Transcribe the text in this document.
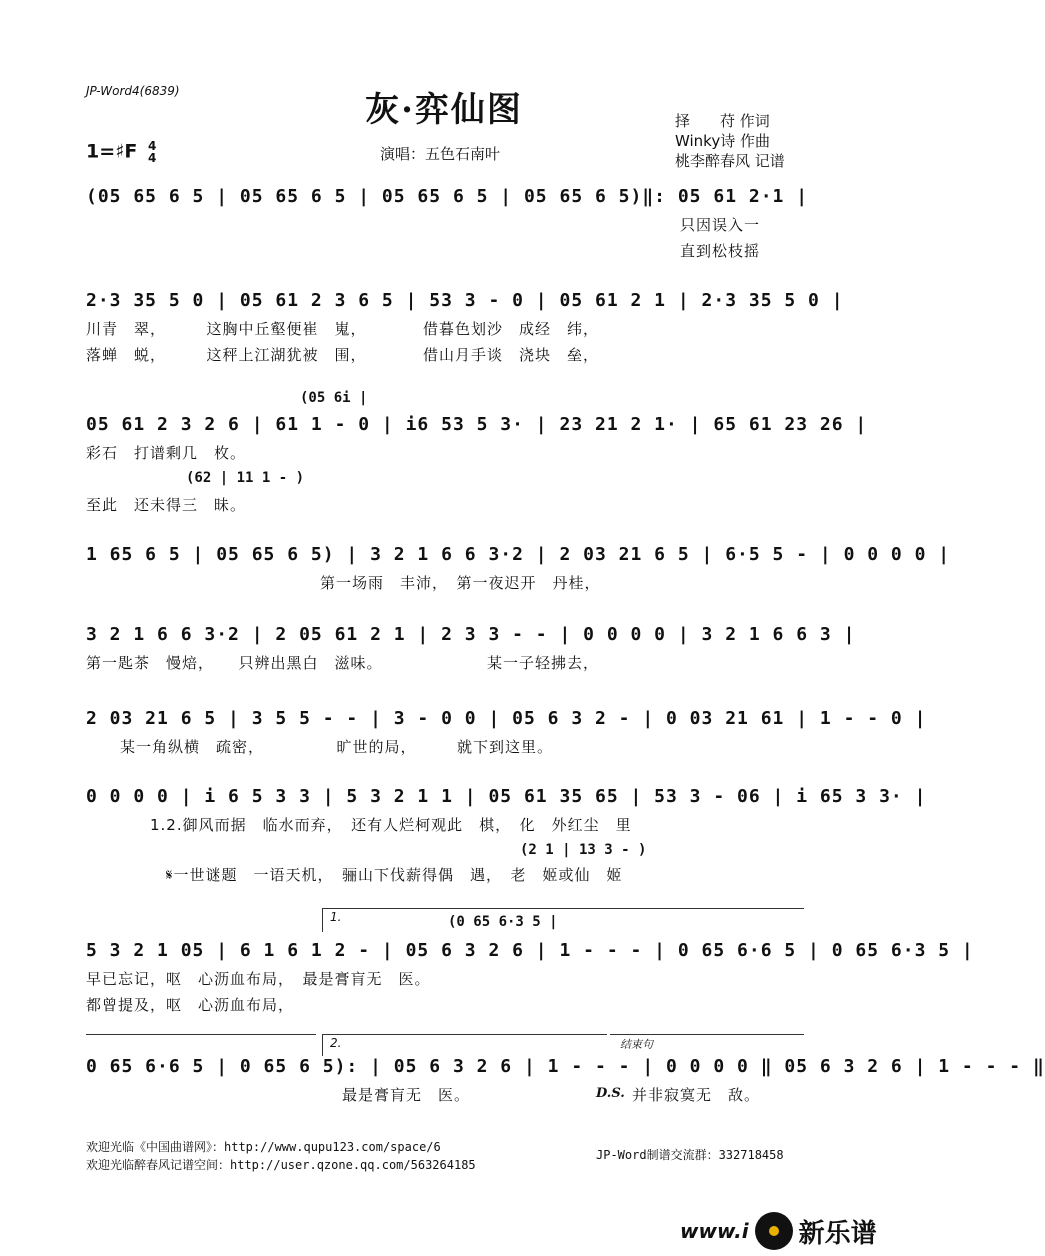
JP-Word4(6839)	灰·弈仙图
1=♯F 4
4	演唱：五色石南叶
择　　苻 作词
Winky诗 作曲
桃李醉春风 记谱
(05 65 6 5 | 05 65 6 5 | 05 65 6 5 | 05 65 6 5)‖: 05 61 2·1 |
只因误入一
直到松枝摇
2·3 35 5 0 | 05 61 2 3 6 5 | 53 3 - 0 | 05 61 2 1 | 2·3 35 5 0 |
川青　翠，　　　这胸中丘壑便崔　嵬，　　　　借暮色划沙　成经　纬，
落蝉　蜕，　　　这秤上江湖犹被　围，　　　　借山月手谈　浇块　垒，
(05 6i |
05 61 2 3 2 6 | 61 1 - 0 | i6 53 5 3· | 23 21 2 1· | 65 61 23 26 |
彩石　打谱剩几　枚。
(62 | 11 1 - )
至此　还未得三　昧。
1 65 6 5 | 05 65 6 5) | 3 2 1 6 6 3·2 | 2 03 21 6 5 | 6·5 5 - | 0 0 0 0 |
第一场雨　丰沛，　第一夜迟开　丹桂，
3 2 1 6 6 3·2 | 2 05 61 2 1 | 2 3 3 - - | 0 0 0 0 | 3 2 1 6 6 3 |
第一匙茶　慢焙，　　只辨出黑白　滋味。　　　　　　　某一子轻拂去，
2 03 21 6 5 | 3 5 5 - - | 3 - 0 0 | 05 6 3 2 - | 0 03 21 61 | 1 - - 0 |
某一角纵横　疏密，　　　　　旷世的局，　　　就下到这里。
0 0 0 0 | i 6 5 3 3 | 5 3 2 1 1 | 05 61 35 65 | 53 3 - 06 | i 65 3 3· |
1.2.御风而据　临水而弃，　还有人烂柯观此　棋，　化　外红尘　里
(2 1 | 13 3 - )
𝄋一世谜题　一语天机，　骊山下伐薪得偶　遇，　老　姬或仙　姬
1.	(0 65 6·3 5 |
5 3 2 1 05 | 6 1 6 1 2 - | 05 6 3 2 6 | 1 - - - | 0 65 6·6 5 | 0 65 6·3 5 |
早已忘记，呕　心沥血布局，　最是膏肓无　医。
都曾提及，呕　心沥血布局，
2.	结束句
0 65 6·6 5 | 0 65 6 5): | 05 6 3 2 6 | 1 - - - | 0 0 0 0 ‖ 05 6 3 2 6 | 1 - - - ‖
最是膏肓无　医。	D.S. 并非寂寞无　敌。
欢迎光临《中国曲谱网》：http://www.qupu123.com/space/6
欢迎光临醉春风记谱空间：http://user.qzone.qq.com/563264185
JP-Word制谱交流群：332718458
www.i 新乐谱
